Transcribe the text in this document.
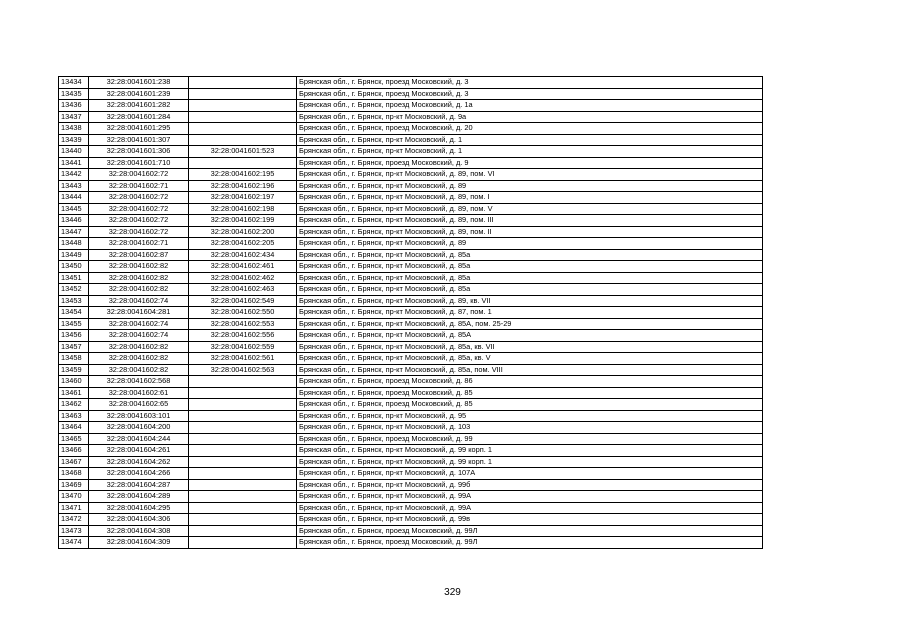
13434	32:28:0041601:238		Брянская обл., г. Брянск, проезд Московский, д. 3
13435	32:28:0041601:239		Брянская обл., г. Брянск, проезд Московский, д. 3
13436	32:28:0041601:282		Брянская обл., г. Брянск, проезд Московский, д. 1а
13437	32:28:0041601:284		Брянская обл., г. Брянск, пр-кт Московский, д. 9а
13438	32:28:0041601:295		Брянская обл., г. Брянск, проезд Московский, д. 20
13439	32:28:0041601:307		Брянская обл., г. Брянск, пр-кт Московский, д. 1
13440	32:28:0041601:306	32:28:0041601:523	Брянская обл., г. Брянск, пр-кт Московский, д. 1
13441	32:28:0041601:710		Брянская обл., г. Брянск, проезд Московский, д. 9
13442	32:28:0041602:72	32:28:0041602:195	Брянская обл., г. Брянск, пр-кт Московский, д. 89, пом. VI
13443	32:28:0041602:71	32:28:0041602:196	Брянская обл., г. Брянск, пр-кт Московский, д. 89
13444	32:28:0041602:72	32:28:0041602:197	Брянская обл., г. Брянск, пр-кт Московский, д. 89, пом. I
13445	32:28:0041602:72	32:28:0041602:198	Брянская обл., г. Брянск, пр-кт Московский, д. 89, пом. V
13446	32:28:0041602:72	32:28:0041602:199	Брянская обл., г. Брянск, пр-кт Московский, д. 89, пом. III
13447	32:28:0041602:72	32:28:0041602:200	Брянская обл., г. Брянск, пр-кт Московский, д. 89, пом. II
13448	32:28:0041602:71	32:28:0041602:205	Брянская обл., г. Брянск, пр-кт Московский, д. 89
13449	32:28:0041602:87	32:28:0041602:434	Брянская обл., г. Брянск, пр-кт Московский, д. 85а
13450	32:28:0041602:82	32:28:0041602:461	Брянская обл., г. Брянск, пр-кт Московский, д. 85а
13451	32:28:0041602:82	32:28:0041602:462	Брянская обл., г. Брянск, пр-кт Московский, д. 85а
13452	32:28:0041602:82	32:28:0041602:463	Брянская обл., г. Брянск, пр-кт Московский, д. 85а
13453	32:28:0041602:74	32:28:0041602:549	Брянская обл., г. Брянск, пр-кт Московский, д. 89, кв. VII
13454	32:28:0041604:281	32:28:0041602:550	Брянская обл., г. Брянск, пр-кт Московский, д. 87, пом. 1
13455	32:28:0041602:74	32:28:0041602:553	Брянская обл., г. Брянск, пр-кт Московский, д. 85А, пом. 25-29
13456	32:28:0041602:74	32:28:0041602:556	Брянская обл., г. Брянск, пр-кт Московский, д. 85А
13457	32:28:0041602:82	32:28:0041602:559	Брянская обл., г. Брянск, пр-кт Московский, д. 85а, кв. VII
13458	32:28:0041602:82	32:28:0041602:561	Брянская обл., г. Брянск, пр-кт Московский, д. 85а, кв. V
13459	32:28:0041602:82	32:28:0041602:563	Брянская обл., г. Брянск, пр-кт Московский, д. 85а, пом. VIII
13460	32:28:0041602:568		Брянская обл., г. Брянск, проезд Московский, д. 86
13461	32:28:0041602:61		Брянская обл., г. Брянск, проезд Московский, д. 85
13462	32:28:0041602:65		Брянская обл., г. Брянск, проезд Московский, д. 85
13463	32:28:0041603:101		Брянская обл., г. Брянск, пр-кт Московский, д. 95
13464	32:28:0041604:200		Брянская обл., г. Брянск, пр-кт Московский, д. 103
13465	32:28:0041604:244		Брянская обл., г. Брянск, проезд Московский, д. 99
13466	32:28:0041604:261		Брянская обл., г. Брянск, пр-кт Московский, д. 99 корп. 1
13467	32:28:0041604:262		Брянская обл., г. Брянск, пр-кт Московский, д. 99 корп. 1
13468	32:28:0041604:266		Брянская обл., г. Брянск, пр-кт Московский, д. 107А
13469	32:28:0041604:287		Брянская обл., г. Брянск, пр-кт Московский, д. 99б
13470	32:28:0041604:289		Брянская обл., г. Брянск, пр-кт Московский, д. 99А
13471	32:28:0041604:295		Брянская обл., г. Брянск, пр-кт Московский, д. 99А
13472	32:28:0041604:306		Брянская обл., г. Брянск, пр-кт Московский, д. 99в
13473	32:28:0041604:308		Брянская обл., г. Брянск, проезд Московский, д. 99Л
13474	32:28:0041604:309		Брянская обл., г. Брянск, проезд Московский, д. 99Л
329
